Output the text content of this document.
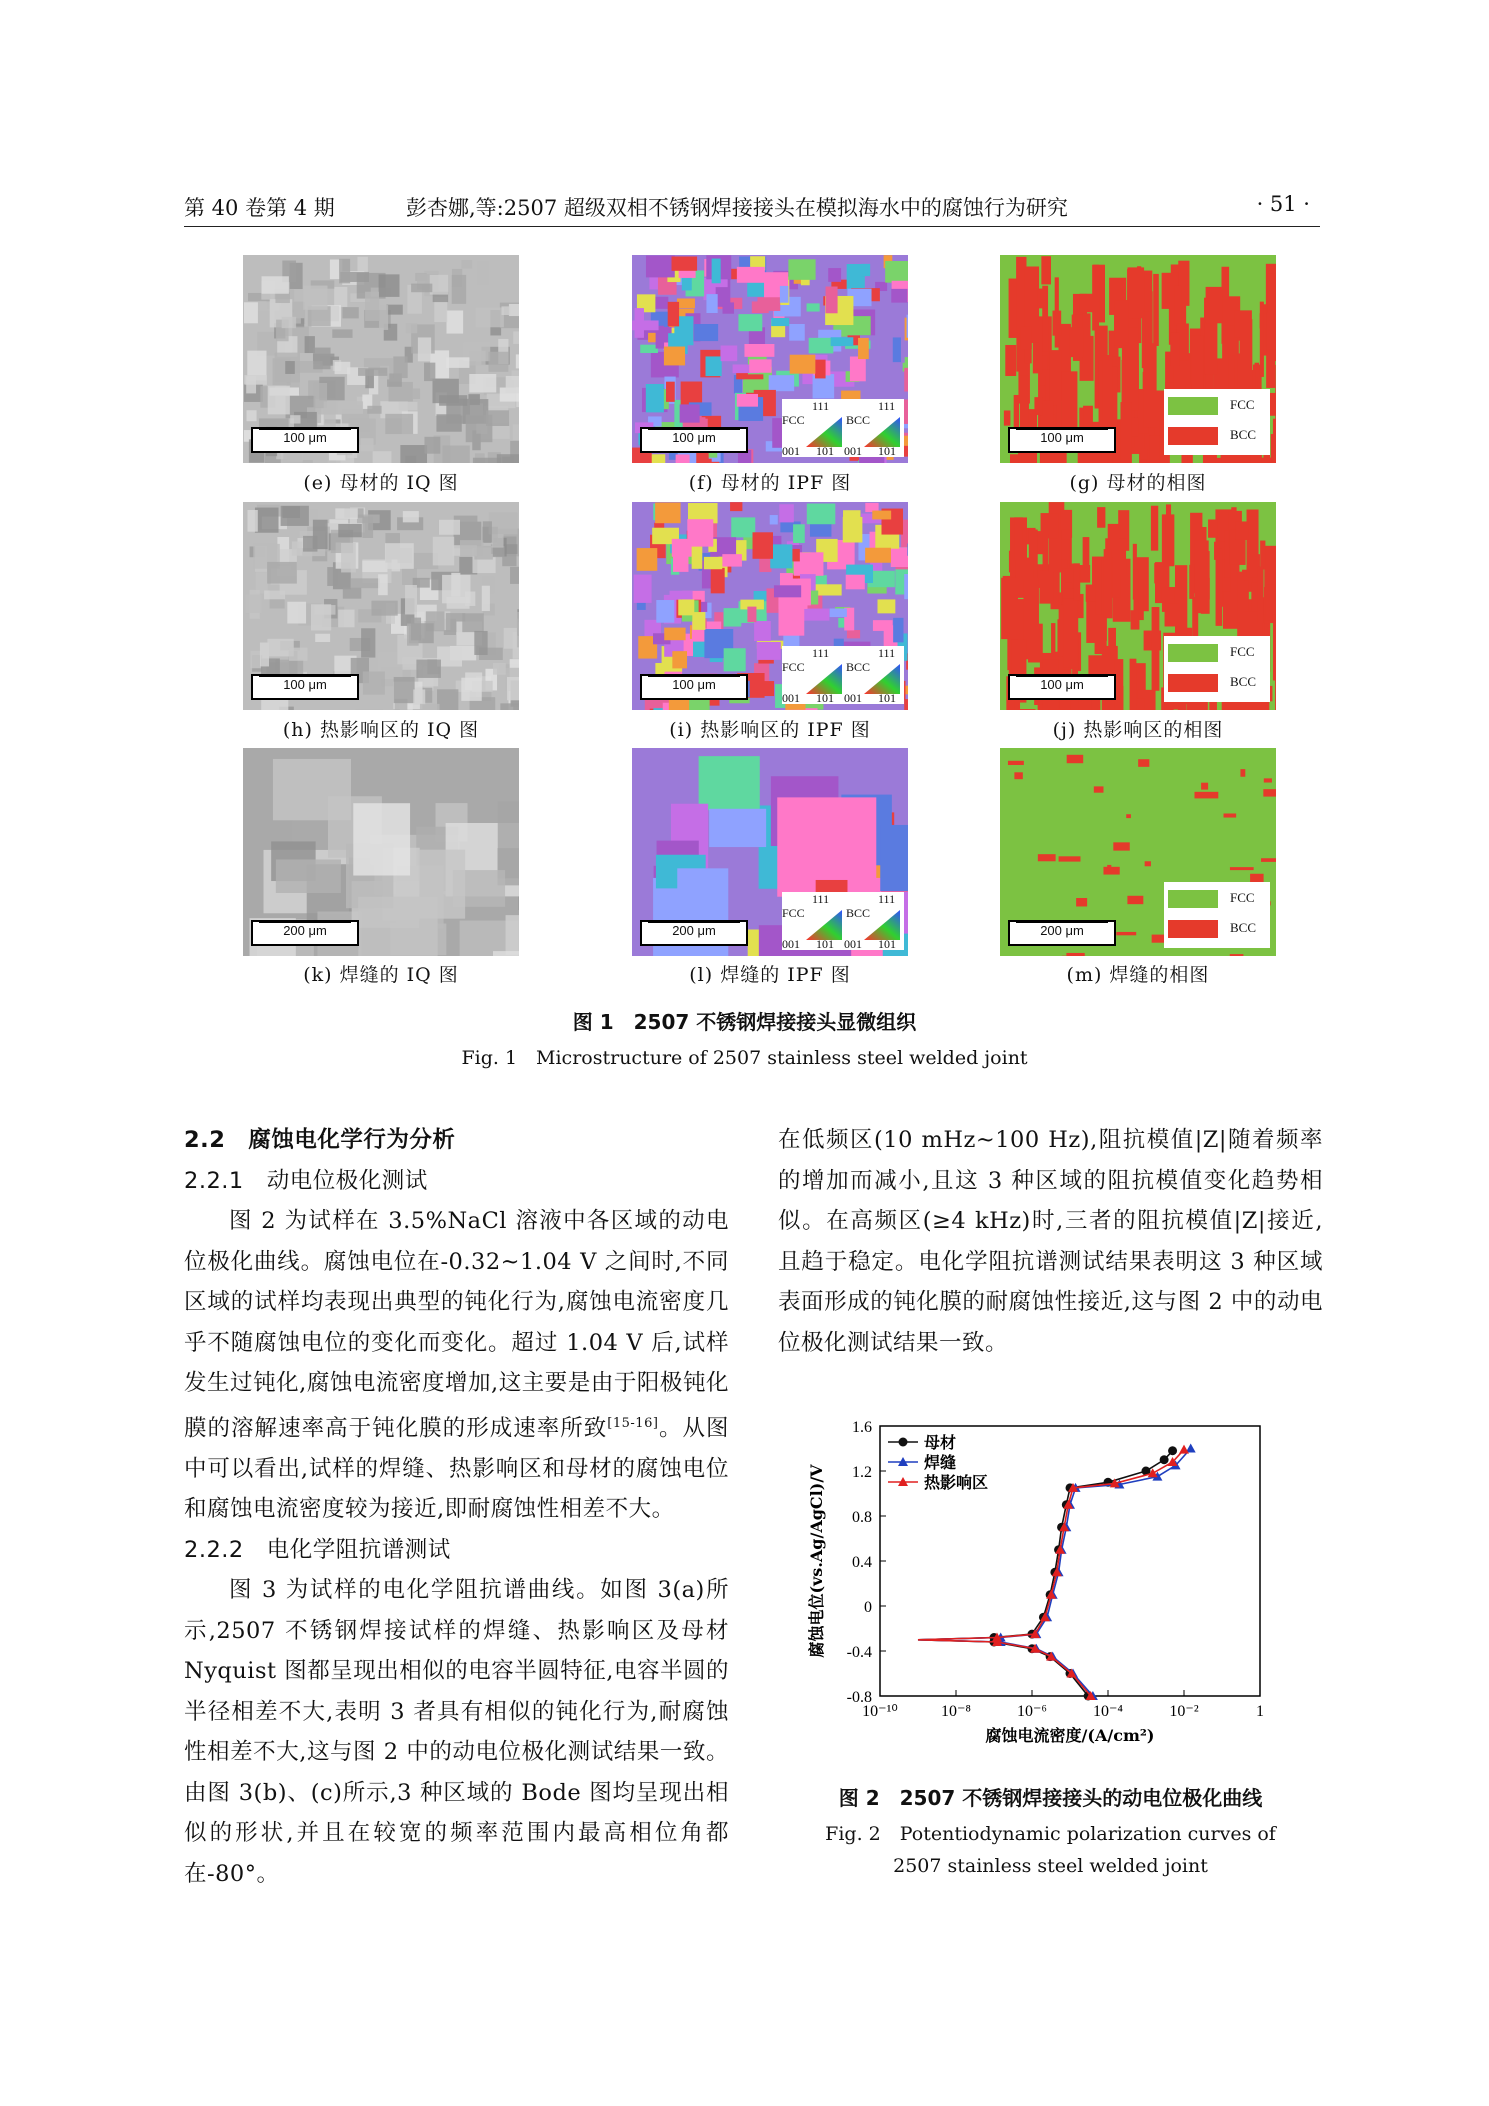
第 40 卷第 4 期	彭杏娜,等:2507 超级双相不锈钢焊接接头在模拟海水中的腐蚀行为研究	· 51 ·
100 μm
(e) 母材的 IQ 图
100 μm
FCC
111
BCC
111
001 101 001 101
(f) 母材的 IPF 图
100 μm
FCC
BCC
(g) 母材的相图
100 μm
(h) 热影响区的 IQ 图
100 μm
FCC
111
BCC
111
001 101 001 101
(i) 热影响区的 IPF 图
100 μm
FCC
BCC
(j) 热影响区的相图
200 μm
(k) 焊缝的 IQ 图
200 μm
FCC
111
BCC
111
001 101 001 101
(l) 焊缝的 IPF 图
200 μm
FCC
BCC
(m) 焊缝的相图
图 1　2507 不锈钢焊接接头显微组织
Fig. 1　Microstructure of 2507 stainless steel welded joint

2.2　腐蚀电化学行为分析

2.2.1　动电位极化测试

图 2 为试样在 3.5%NaCl 溶液中各区域的动电位极化曲线。腐蚀电位在-0.32~1.04 V 之间时,不同区域的试样均表现出典型的钝化行为,腐蚀电流密度几乎不随腐蚀电位的变化而变化。超过 1.04 V 后,试样发生过钝化,腐蚀电流密度增加,这主要是由于阳极钝化膜的溶解速率高于钝化膜的形成速率所致[15-16]。从图中可以看出,试样的焊缝、热影响区和母材的腐蚀电位和腐蚀电流密度较为接近,即耐腐蚀性相差不大。

2.2.2　电化学阻抗谱测试

图 3 为试样的电化学阻抗谱曲线。如图 3(a)所示,2507 不锈钢焊接试样的焊缝、热影响区及母材 Nyquist 图都呈现出相似的电容半圆特征,电容半圆的半径相差不大,表明 3 者具有相似的钝化行为,耐腐蚀性相差不大,这与图 2 中的动电位极化测试结果一致。由图 3(b)、(c)所示,3 种区域的 Bode 图均呈现出相似的形状,并且在较宽的频率范围内最高相位角都在-80°。

在低频区(10 mHz~100 Hz),阻抗模值|Z|随着频率的增加而减小,且这 3 种区域的阻抗模值变化趋势相似。在高频区(≥4 kHz)时,三者的阻抗模值|Z|接近,且趋于稳定。电化学阻抗谱测试结果表明这 3 种区域表面形成的钝化膜的耐腐蚀性接近,这与图 2 中的动电位极化测试结果一致。

1.6
1.2
0.8
0.4
0
-0.4
-0.8
10⁻¹⁰	10⁻⁸	10⁻⁶	10⁻⁴	10⁻²	1
腐蚀电流密度/(A/cm²)
腐蚀电位(vs.Ag/AgCl)/V
母材
焊缝
热影响区
图 2　2507 不锈钢焊接接头的动电位极化曲线
Fig. 2　Potentiodynamic polarization curves of
2507 stainless steel welded joint
